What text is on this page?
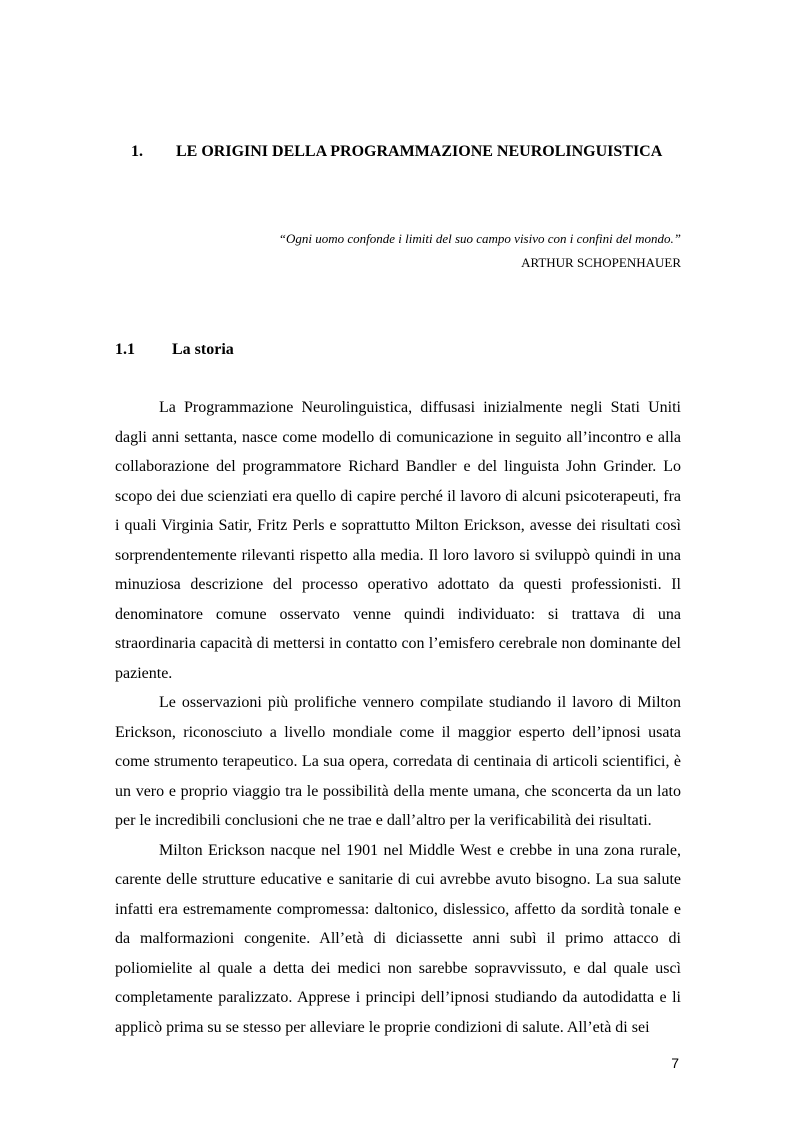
1. LE ORIGINI DELLA PROGRAMMAZIONE NEUROLINGUISTICA
“Ogni uomo confonde i limiti del suo campo visivo con i confini del mondo.”
ARTHUR SCHOPENHAUER
1.1 La storia

La Programmazione Neurolinguistica, diffusasi inizialmente negli Stati Uniti dagli anni settanta, nasce come modello di comunicazione in seguito all’incontro e alla collaborazione del programmatore Richard Bandler e del linguista John Grinder. Lo scopo dei due scienziati era quello di capire perché il lavoro di alcuni psicoterapeuti, fra i quali Virginia Satir, Fritz Perls e soprattutto Milton Erickson, avesse dei risultati così sorprendentemente rilevanti rispetto alla media. Il loro lavoro si sviluppò quindi in una minuziosa descrizione del processo operativo adottato da questi professionisti. Il denominatore comune osservato venne quindi individuato: si trattava di una straordinaria capacità di mettersi in contatto con l’emisfero cerebrale non dominante del paziente.

Le osservazioni più prolifiche vennero compilate studiando il lavoro di Milton Erickson, riconosciuto a livello mondiale come il maggior esperto dell’ipnosi usata come strumento terapeutico. La sua opera, corredata di centinaia di articoli scientifici, è un vero e proprio viaggio tra le possibilità della mente umana, che sconcerta da un lato per le incredibili conclusioni che ne trae e dall’altro per la verificabilità dei risultati.

Milton Erickson nacque nel 1901 nel Middle West e crebbe in una zona rurale, carente delle strutture educative e sanitarie di cui avrebbe avuto bisogno. La sua salute infatti era estremamente compromessa: daltonico, dislessico, affetto da sordità tonale e da malformazioni congenite. All’età di diciassette anni subì il primo attacco di poliomielite al quale a detta dei medici non sarebbe sopravvissuto, e dal quale uscì completamente paralizzato. Apprese i principi dell’ipnosi studiando da autodidatta e li applicò prima su se stesso per alleviare le proprie condizioni di salute. All’età di sei

7
